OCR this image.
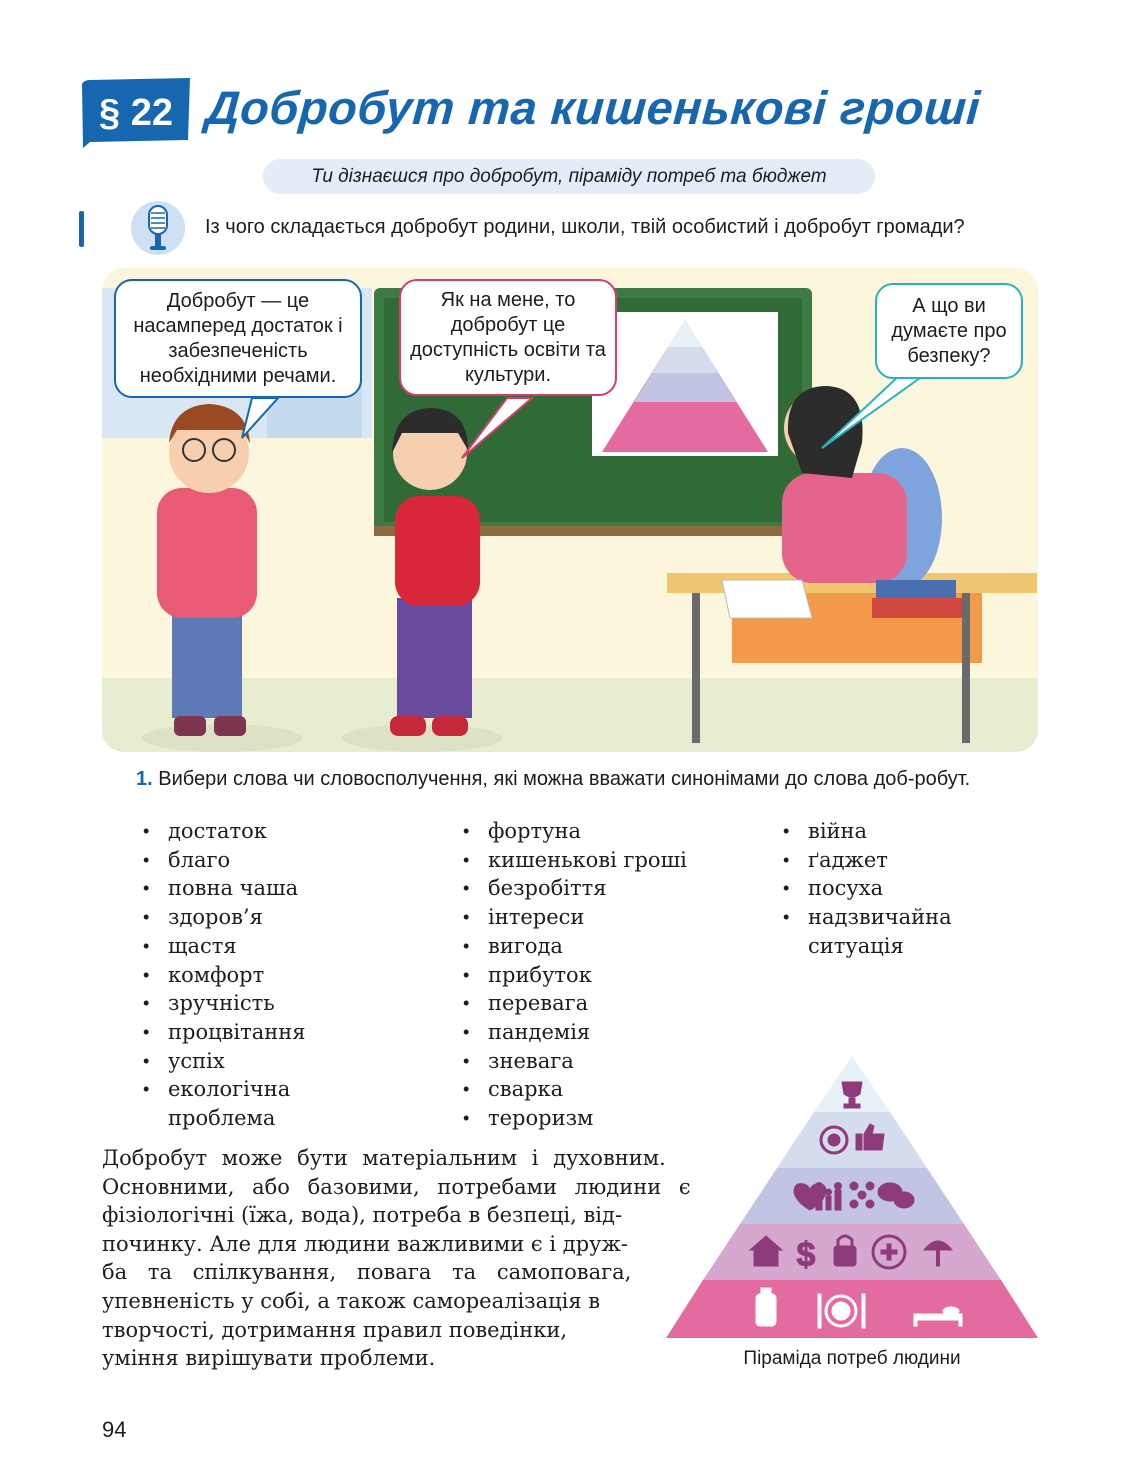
§ 22 Добробут та кишенькові гроші
Ти дізнаєшся про добробут, піраміду потреб та бюджет
Із чого складається добробут родини, школи, твій особистий і добробут громади?
Добробут — це насамперед достаток і забезпеченість необхідними речами.
Як на мене, то добробут це доступність освіти та культури.
А що ви думаєте про безпеку?
1. Вибери слова чи словосполучення, які можна вважати синонімами до слова доб-робут.
• достаток
• благо
• повна чаша
• здоров’я
• щастя
• комфорт
• зручність
• процвітання
• успіх
• екологічна
проблема
• фортуна
• кишенькові гроші
• безробіття
• інтереси
• вигода
• прибуток
• перевага
• пандемія
• зневага
• сварка
• тероризм
• війна
• ґаджет
• посуха
• надзвичайна
ситуація
Добробут може бути матеріальним і духовним.
Основними, або базовими, потребами людини є
фізіологічні (їжа, вода), потреба в безпеці, від-
починку. Але для людини важливими є і друж-
ба та спілкування, повага та самоповага,
упевненість у собі, а також самореалізація в
творчості, дотримання правил поведінки,
уміння вирішувати проблеми.
$
Піраміда потреб людини
94
